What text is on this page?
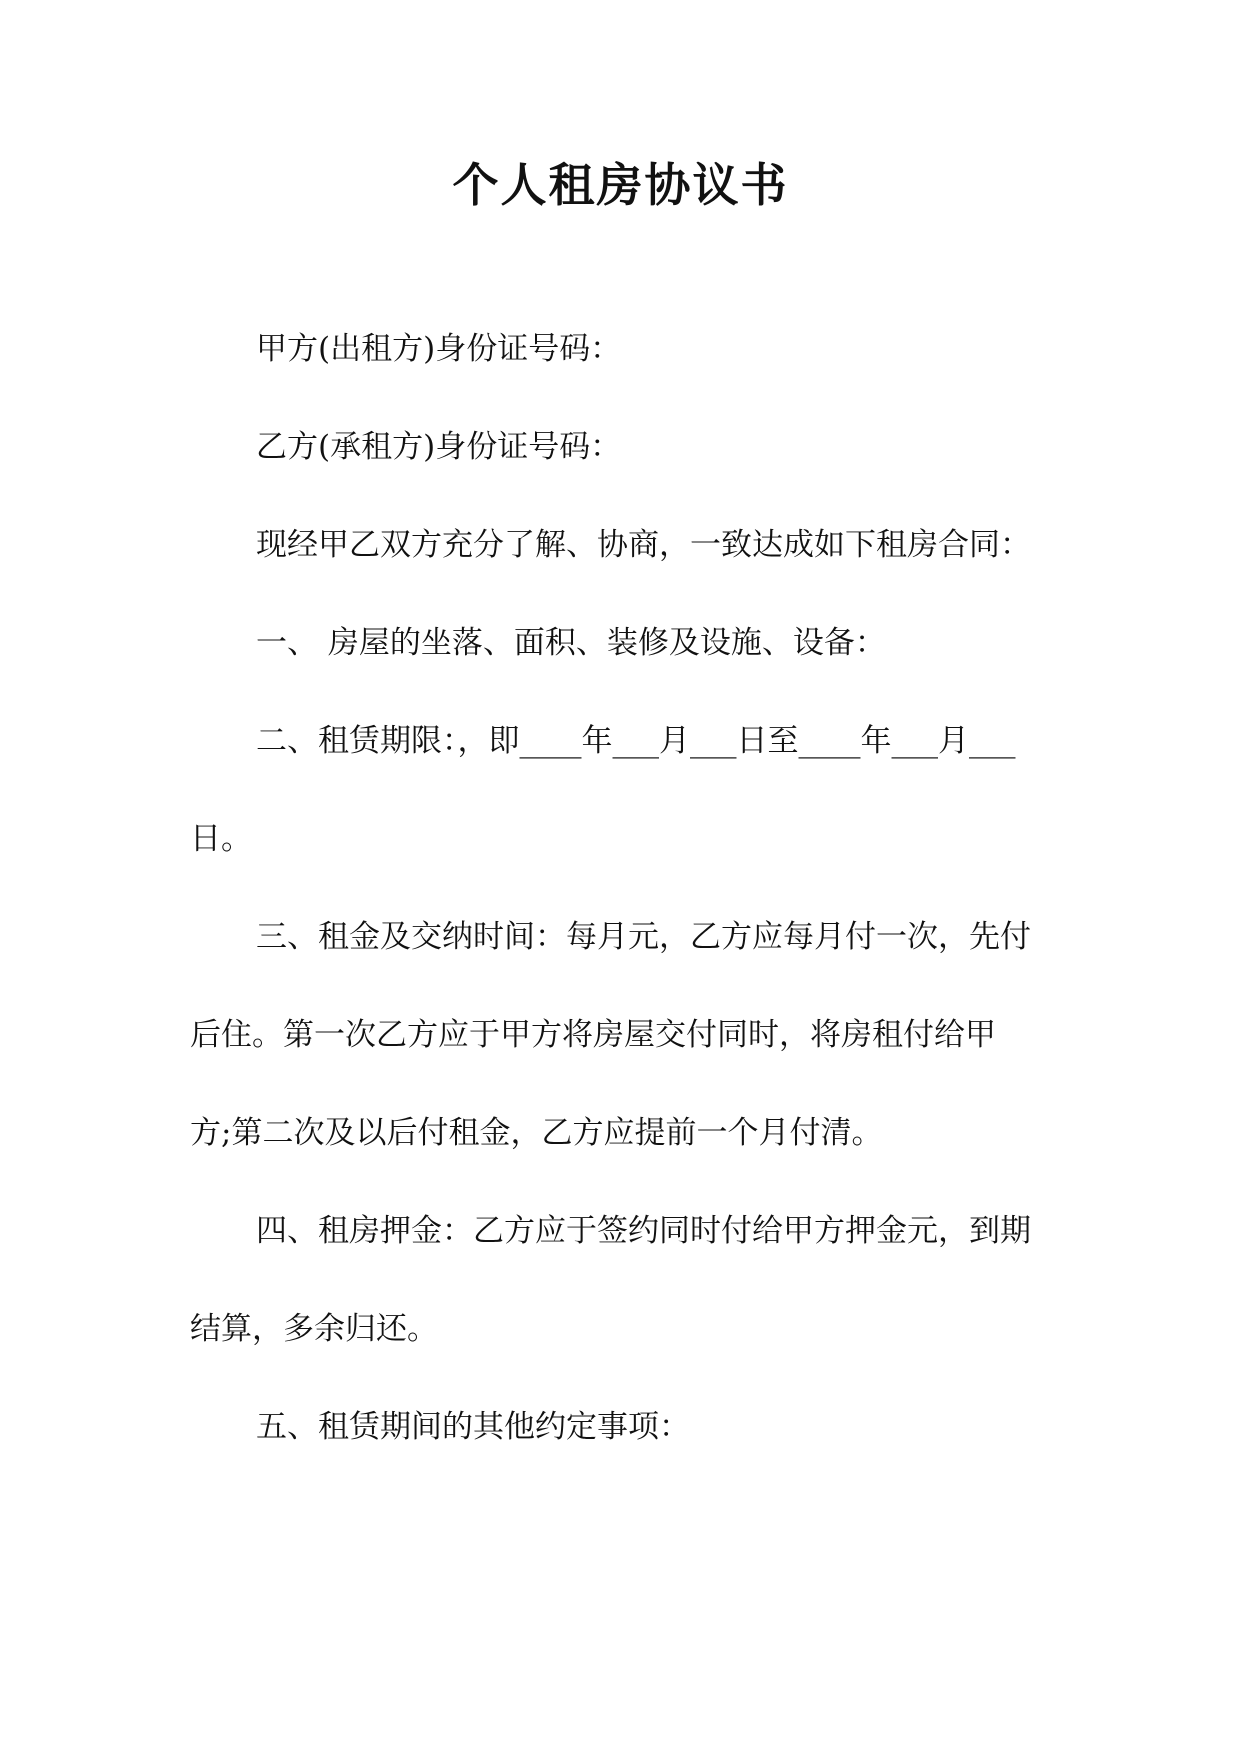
个人租房协议书

甲方(出租方)身份证号码：

乙方(承租方)身份证号码：

现经甲乙双方充分了解、协商，一致达成如下租房合同：

一、 房屋的坐落、面积、装修及设施、设备：

二、租赁期限：，即____年___月___日至____年___月___日。

三、租金及交纳时间：每月元，乙方应每月付一次，先付后住。第一次乙方应于甲方将房屋交付同时，将房租付给甲方;第二次及以后付租金，乙方应提前一个月付清。

四、租房押金：乙方应于签约同时付给甲方押金元，到期结算，多余归还。

五、租赁期间的其他约定事项：
